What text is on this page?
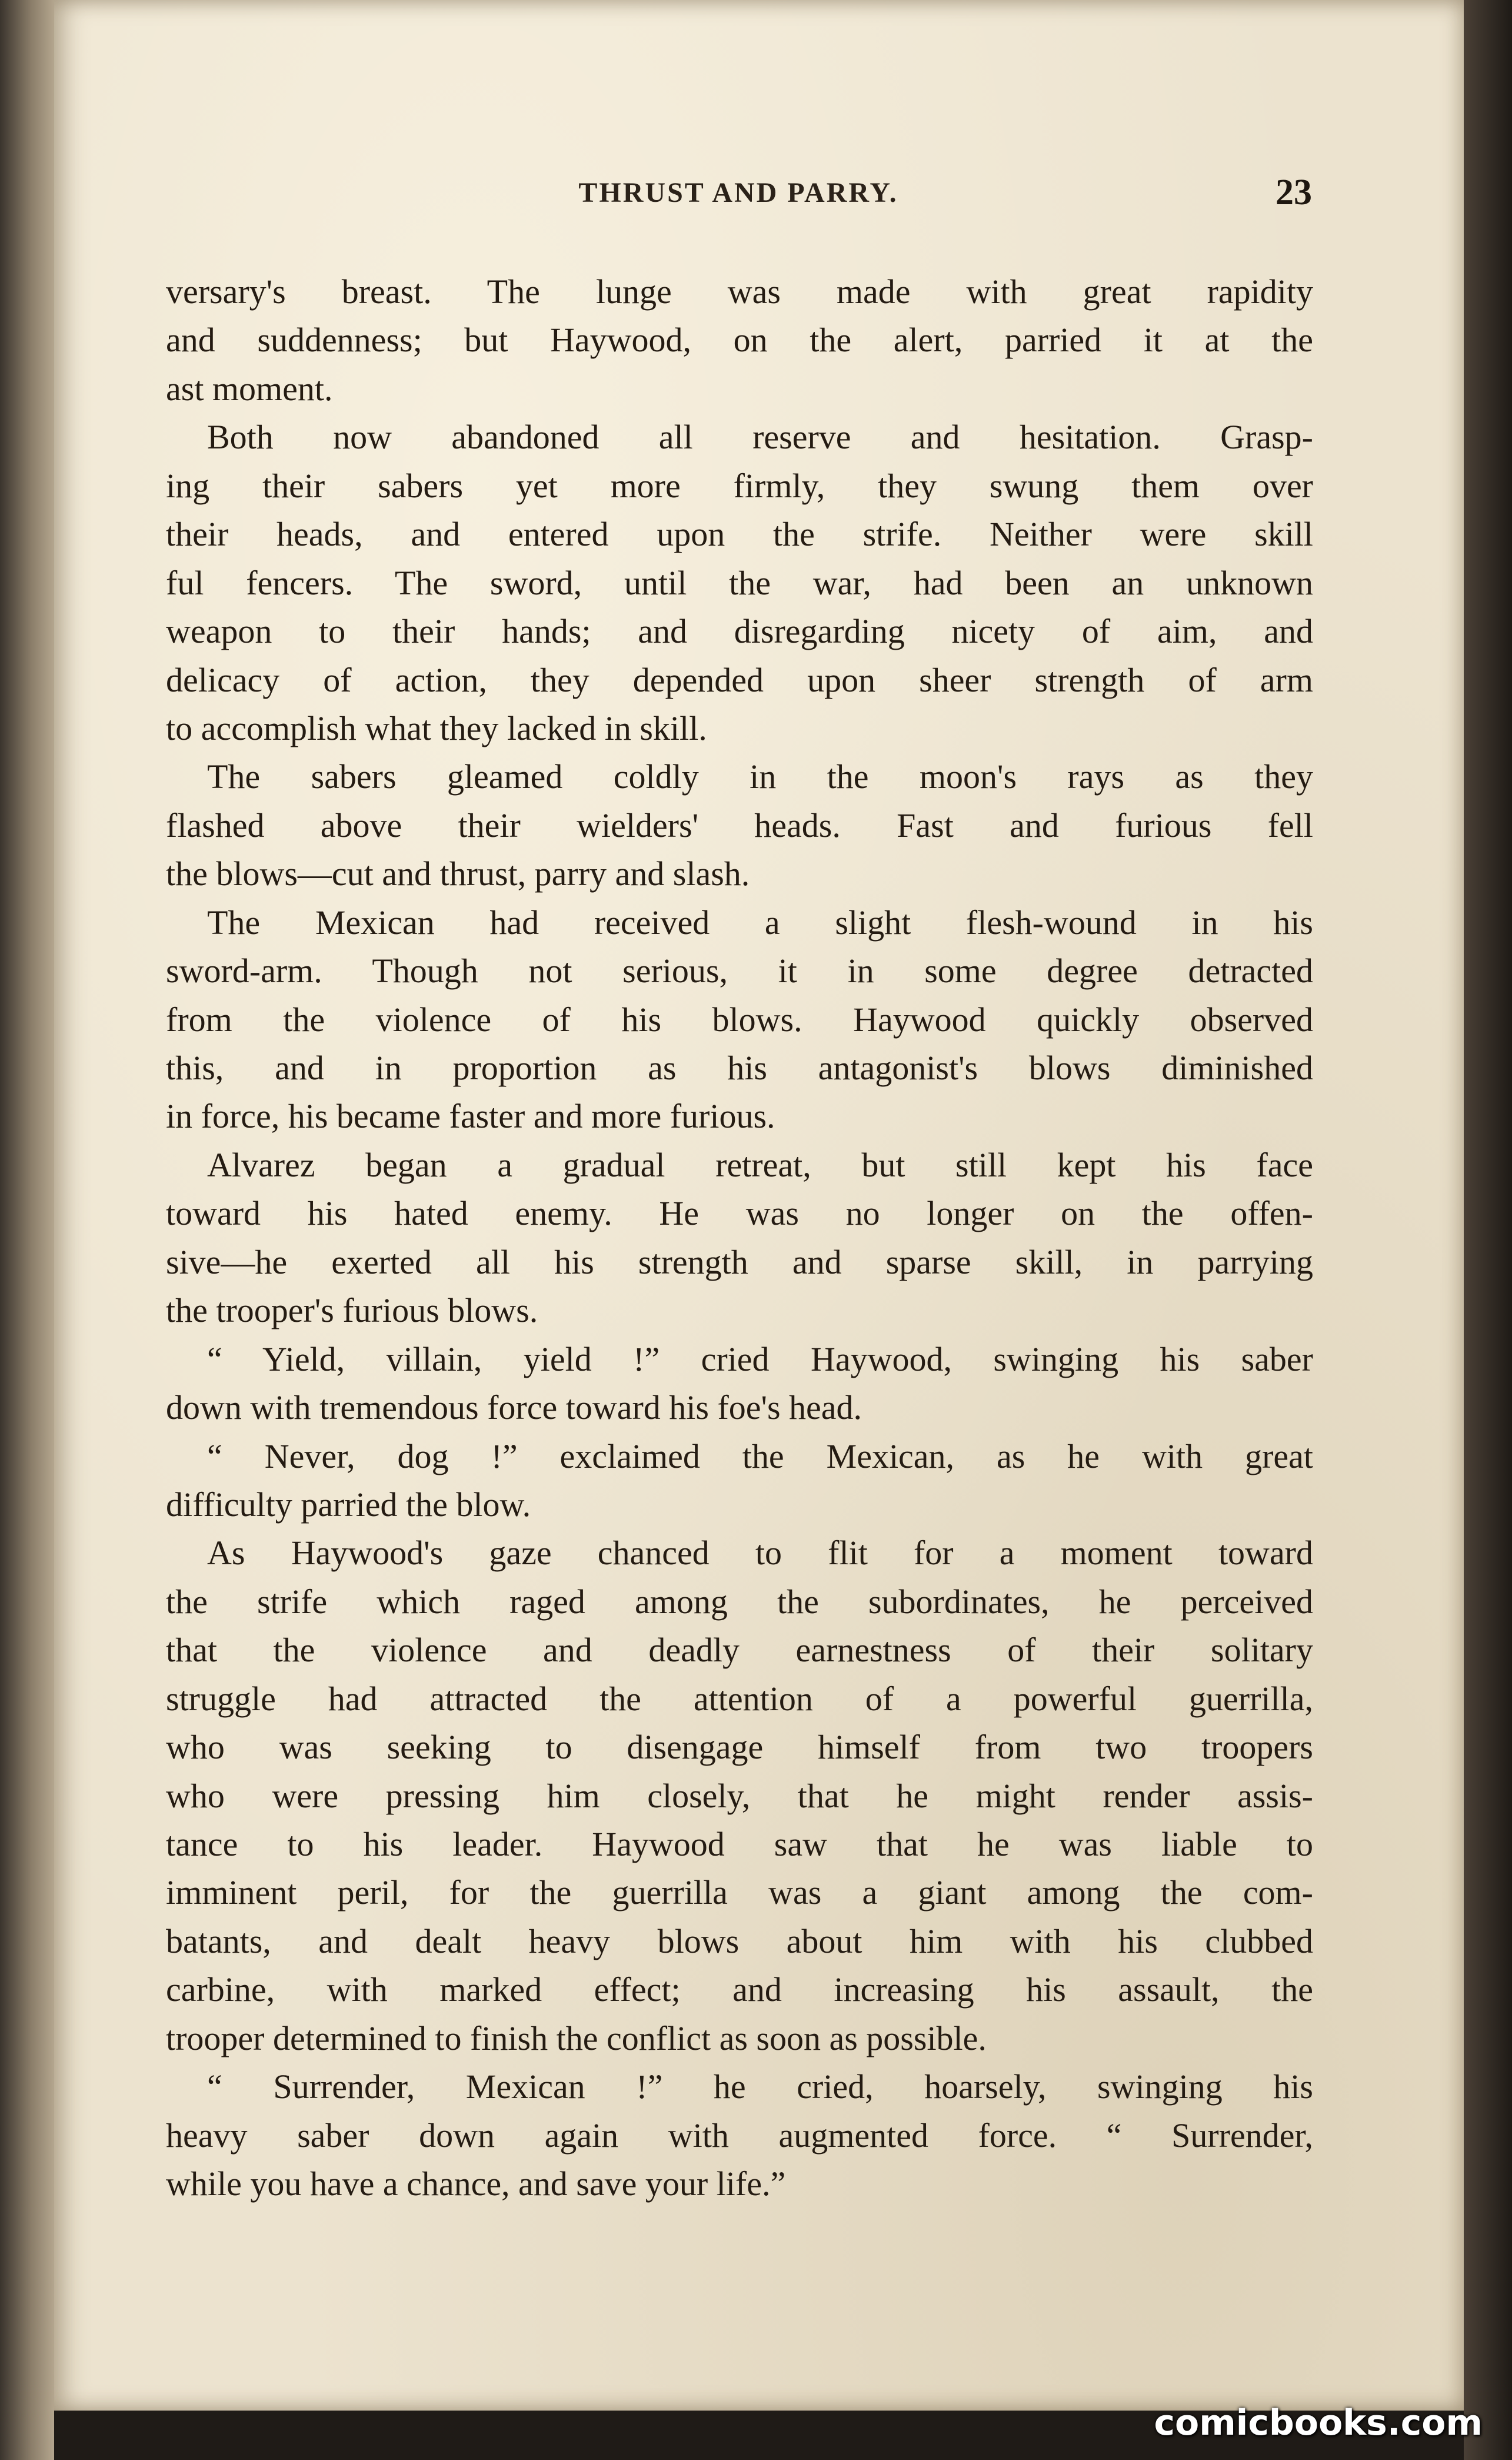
THRUST AND PARRY.	23
versary's breast. The lunge was made with great rapidity
and suddenness; but Haywood, on the alert, parried it at the
ast moment.
Both now abandoned all reserve and hesitation. Grasp-
ing their sabers yet more firmly, they swung them over
their heads, and entered upon the strife. Neither were skill
ful fencers. The sword, until the war, had been an unknown
weapon to their hands; and disregarding nicety of aim, and
delicacy of action, they depended upon sheer strength of arm
to accomplish what they lacked in skill.
The sabers gleamed coldly in the moon's rays as they
flashed above their wielders' heads. Fast and furious fell
the blows—cut and thrust, parry and slash.
The Mexican had received a slight flesh-wound in his
sword-arm. Though not serious, it in some degree detracted
from the violence of his blows. Haywood quickly observed
this, and in proportion as his antagonist's blows diminished
in force, his became faster and more furious.
Alvarez began a gradual retreat, but still kept his face
toward his hated enemy. He was no longer on the offen-
sive—he exerted all his strength and sparse skill, in parrying
the trooper's furious blows.
“ Yield, villain, yield !” cried Haywood, swinging his saber
down with tremendous force toward his foe's head.
“ Never, dog !” exclaimed the Mexican, as he with great
difficulty parried the blow.
As Haywood's gaze chanced to flit for a moment toward
the strife which raged among the subordinates, he perceived
that the violence and deadly earnestness of their solitary
struggle had attracted the attention of a powerful guerrilla,
who was seeking to disengage himself from two troopers
who were pressing him closely, that he might render assis-
tance to his leader. Haywood saw that he was liable to
imminent peril, for the guerrilla was a giant among the com-
batants, and dealt heavy blows about him with his clubbed
carbine, with marked effect; and increasing his assault, the
trooper determined to finish the conflict as soon as possible.
“ Surrender, Mexican !” he cried, hoarsely, swinging his
heavy saber down again with augmented force. “ Surrender,
while you have a chance, and save your life.”
comicbooks.com
